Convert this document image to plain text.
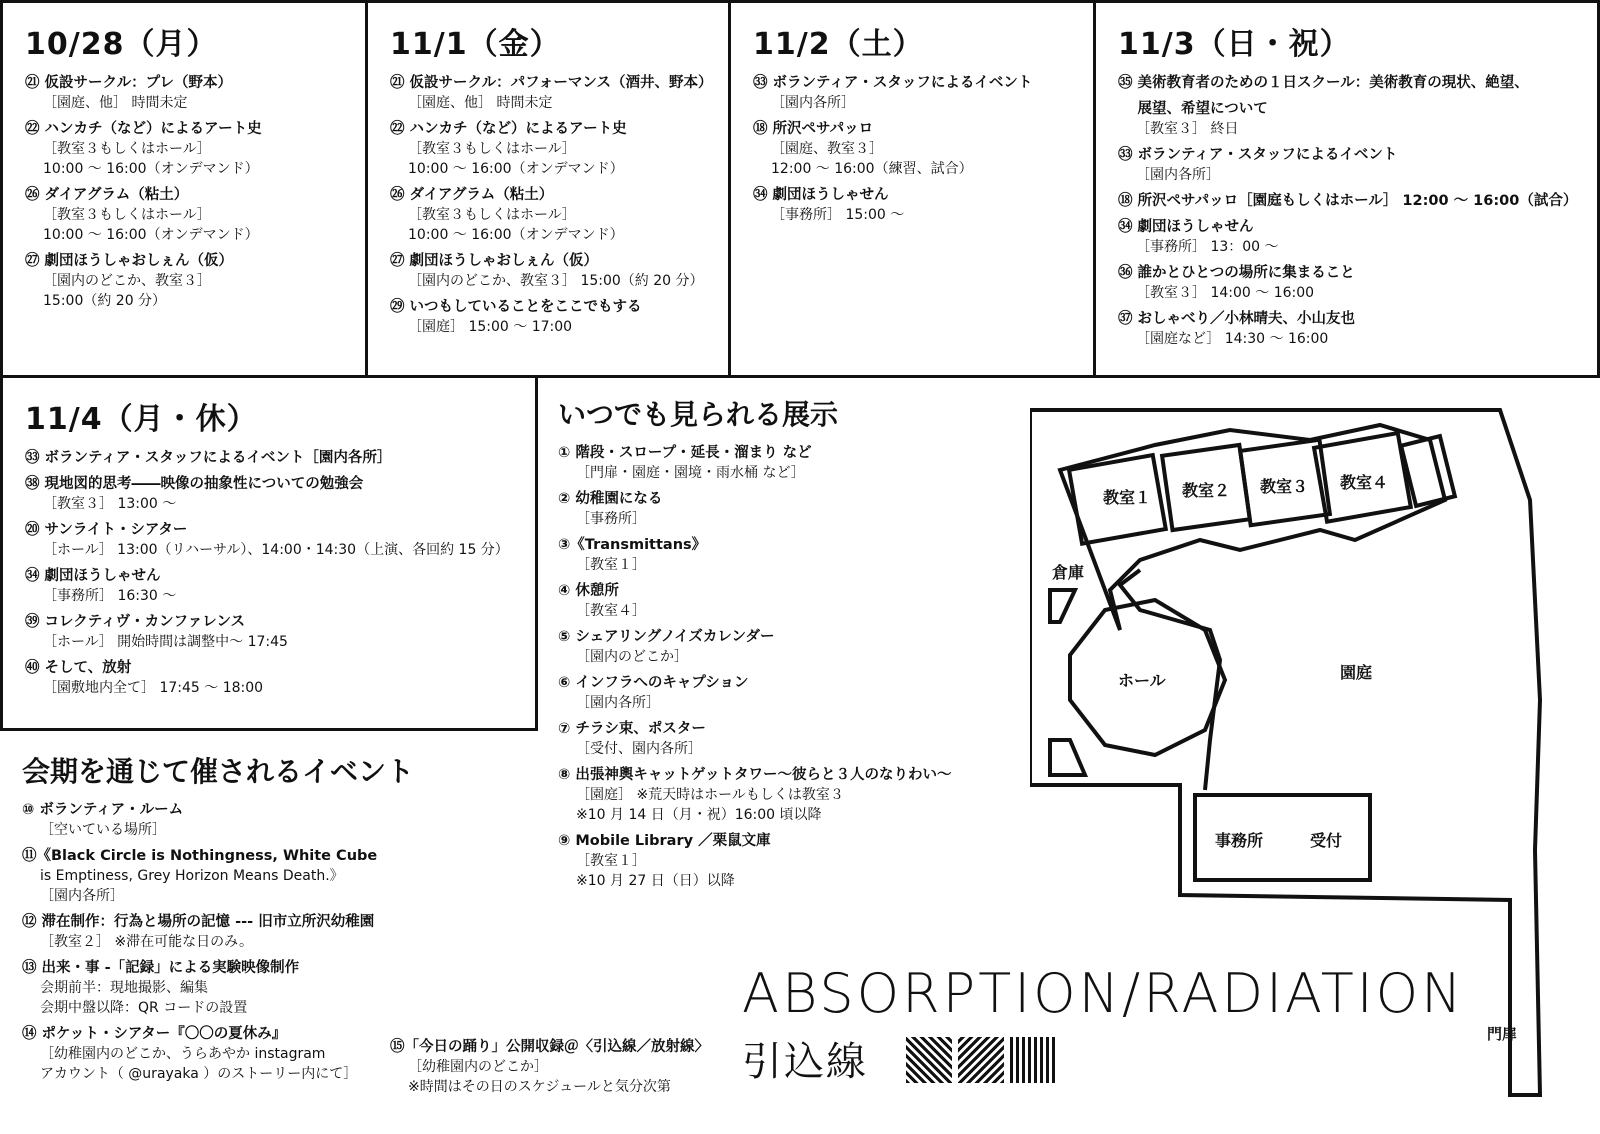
10/28（月）
㉑ 仮設サークル：プレ（野本）
［園庭、他］ 時間未定
㉒ ハンカチ（など）によるアート史
［教室３もしくはホール］
10:00 〜 16:00（オンデマンド）
㉖ ダイアグラム（粘土）
［教室３もしくはホール］
10:00 〜 16:00（オンデマンド）
㉗ 劇団ほうしゃおしぇん（仮）
［園内のどこか、教室３］
15:00（約 20 分）
11/1（金）
㉑ 仮設サークル：パフォーマンス（酒井、野本）
［園庭、他］ 時間未定
㉒ ハンカチ（など）によるアート史
［教室３もしくはホール］
10:00 〜 16:00（オンデマンド）
㉖ ダイアグラム（粘土）
［教室３もしくはホール］
10:00 〜 16:00（オンデマンド）
㉗ 劇団ほうしゃおしぇん（仮）
［園内のどこか、教室３］ 15:00（約 20 分）
㉙ いつもしていることをここでもする
［園庭］ 15:00 〜 17:00
11/2（土）
㉝ ボランティア・スタッフによるイベント
［園内各所］
⑱ 所沢ペサパッロ
［園庭、教室３］
12:00 〜 16:00（練習、試合）
㉞ 劇団ほうしゃせん
［事務所］ 15:00 〜
11/3（日・祝）
㉟ 美術教育者のための１日スクール：美術教育の現状、絶望、
　 展望、希望について
［教室３］ 終日
㉝ ボランティア・スタッフによるイベント
［園内各所］
⑱ 所沢ペサパッロ［園庭もしくはホール］ 12:00 〜 16:00（試合）
㉞ 劇団ほうしゃせん
［事務所］ 13：00 〜
㊱ 誰かとひとつの場所に集まること
［教室３］ 14:00 〜 16:00
㊲ おしゃべり／小林晴夫、小山友也
［園庭など］ 14:30 〜 16:00
11/4（月・休）
㉝ ボランティア・スタッフによるイベント［園内各所］
㊳ 現地図的思考――映像の抽象性についての勉強会
［教室３］ 13:00 〜
⑳ サンライト・シアター
［ホール］ 13:00（リハーサル）、14:00・14:30（上演、各回約 15 分）
㉞ 劇団ほうしゃせん
［事務所］ 16:30 〜
㊴ コレクティヴ・カンファレンス
［ホール］ 開始時間は調整中〜 17:45
㊵ そして、放射
［園敷地内全て］ 17:45 〜 18:00
いつでも見られる展示
① 階段・スロープ・延長・溜まり など
［門扉・園庭・園境・雨水桶 など］
② 幼稚園になる
［事務所］
③《Transmittans》
［教室１］
④ 休憩所
［教室４］
⑤ シェアリングノイズカレンダー
［園内のどこか］
⑥ インフラへのキャプション
［園内各所］
⑦ チラシ束、ポスター
［受付、園内各所］
⑧ 出張神輿キャットゲットタワー〜彼らと３人のなりわい〜
［園庭］ ※荒天時はホールもしくは教室３
※10 月 14 日（月・祝）16:00 頃以降
⑨ Mobile Library ／栗鼠文庫
［教室１］
※10 月 27 日（日）以降
会期を通じて催されるイベント
⑩ ボランティア・ルーム
［空いている場所］
⑪《Black Circle is Nothingness, White Cube
is Emptiness, Grey Horizon Means Death.》
［園内各所］
⑫ 滞在制作：行為と場所の記憶 --- 旧市立所沢幼稚園
［教室２］ ※滞在可能な日のみ。
⑬ 出来・事 -「記録」による実験映像制作
会期前半：現地撮影、編集
会期中盤以降：QR コードの設置
⑭ ポケット・シアター『〇〇の夏休み』
［幼稚園内のどこか、うらあやか instagram
アカウント（ @urayaka ）のストーリー内にて］
⑮「今日の踊り」公開収録＠〈引込線／放射線〉
［幼稚園内のどこか］
※時間はその日のスケジュールと気分次第
教室１ 教室２ 教室３ 教室４
倉庫
ホール	園庭
事務所	受付
門扉
ABSORPTION/RADIATION
引込線
